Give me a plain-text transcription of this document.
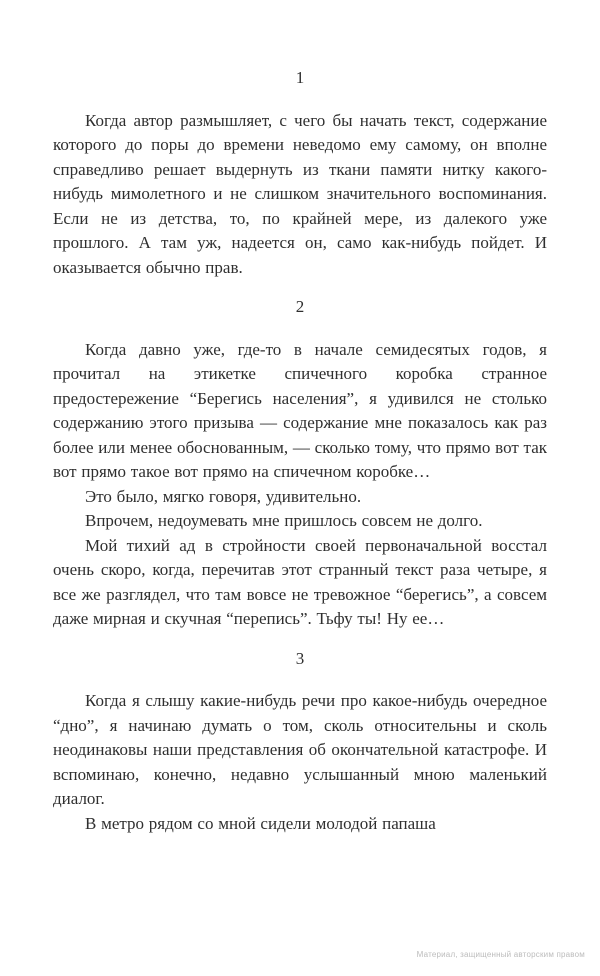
1

Когда автор размышляет, с чего бы начать текст, содержание которого до поры до времени неведомо ему самому, он вполне справедливо решает выдернуть из ткани памяти нитку какого-нибудь мимолетного и не слишком значительного воспоминания. Если не из детства, то, по крайней мере, из далекого уже прошлого. А там уж, надеется он, само как-нибудь пойдет. И оказывается обычно прав.

2

Когда давно уже, где-то в начале семидесятых годов, я прочитал на этикетке спичечного коробка странное предостережение “Берегись населения”, я удивился не столько содержанию этого призыва — содержание мне показалось как раз более или менее обоснованным, — сколько тому, что прямо вот так вот прямо такое вот прямо на спичечном коробке…

Это было, мягко говоря, удивительно.

Впрочем, недоумевать мне пришлось совсем не долго.

Мой тихий ад в стройности своей первоначальной восстал очень скоро, когда, перечитав этот странный текст раза четыре, я все же разглядел, что там вовсе не тревожное “берегись”, а совсем даже мирная и скучная “перепись”. Тьфу ты! Ну ее…

3

Когда я слышу какие-нибудь речи про какое-нибудь очередное “дно”, я начинаю думать о том, сколь относительны и сколь неодинаковы наши представления об окончательной катастрофе. И вспоминаю, конечно, недавно услышанный мною маленький диалог.

В метро рядом со мной сидели молодой папаша

Материал, защищенный авторским правом
